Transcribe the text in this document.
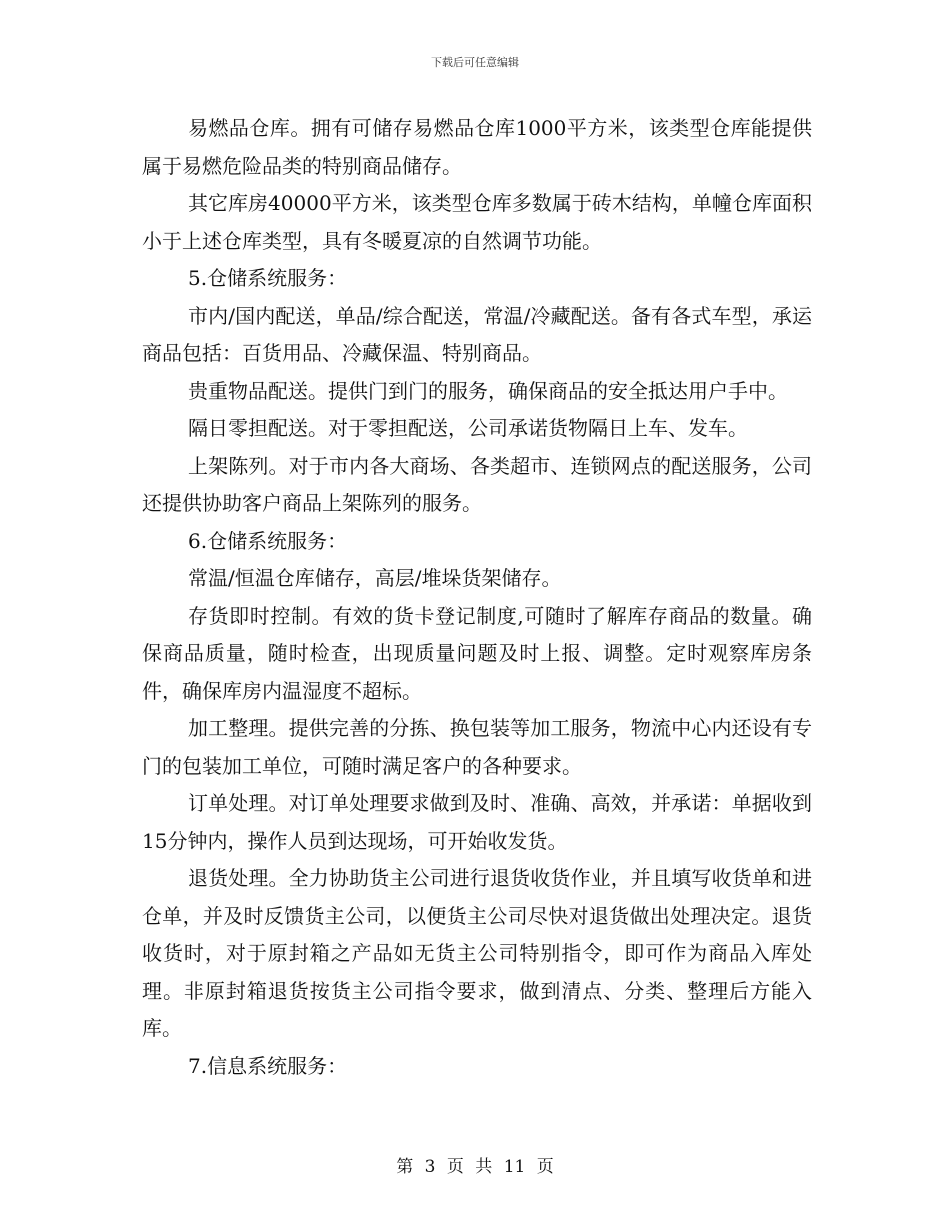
下载后可任意编辑

易燃品仓库。拥有可储存易燃品仓库1000平方米，该类型仓库能提供属于易燃危险品类的特别商品储存。

其它库房40000平方米，该类型仓库多数属于砖木结构，单幢仓库面积小于上述仓库类型，具有冬暖夏凉的自然调节功能。

5.仓储系统服务：

市内/国内配送，单品/综合配送，常温/冷藏配送。备有各式车型，承运商品包括：百货用品、冷藏保温、特别商品。

贵重物品配送。提供门到门的服务，确保商品的安全抵达用户手中。

隔日零担配送。对于零担配送，公司承诺货物隔日上车、发车。

上架陈列。对于市内各大商场、各类超市、连锁网点的配送服务，公司还提供协助客户商品上架陈列的服务。

6.仓储系统服务：

常温/恒温仓库储存，高层/堆垛货架储存。

存货即时控制。有效的货卡登记制度,可随时了解库存商品的数量。确保商品质量，随时检查，出现质量问题及时上报、调整。定时观察库房条件，确保库房内温湿度不超标。

加工整理。提供完善的分拣、换包装等加工服务，物流中心内还设有专门的包装加工单位，可随时满足客户的各种要求。

订单处理。对订单处理要求做到及时、准确、高效，并承诺：单据收到15分钟内，操作人员到达现场，可开始收发货。

退货处理。全力协助货主公司进行退货收货作业，并且填写收货单和进仓单，并及时反馈货主公司，以便货主公司尽快对退货做出处理决定。退货收货时，对于原封箱之产品如无货主公司特别指令，即可作为商品入库处理。非原封箱退货按货主公司指令要求，做到清点、分类、整理后方能入库。

7.信息系统服务：

第 3 页 共 11 页
